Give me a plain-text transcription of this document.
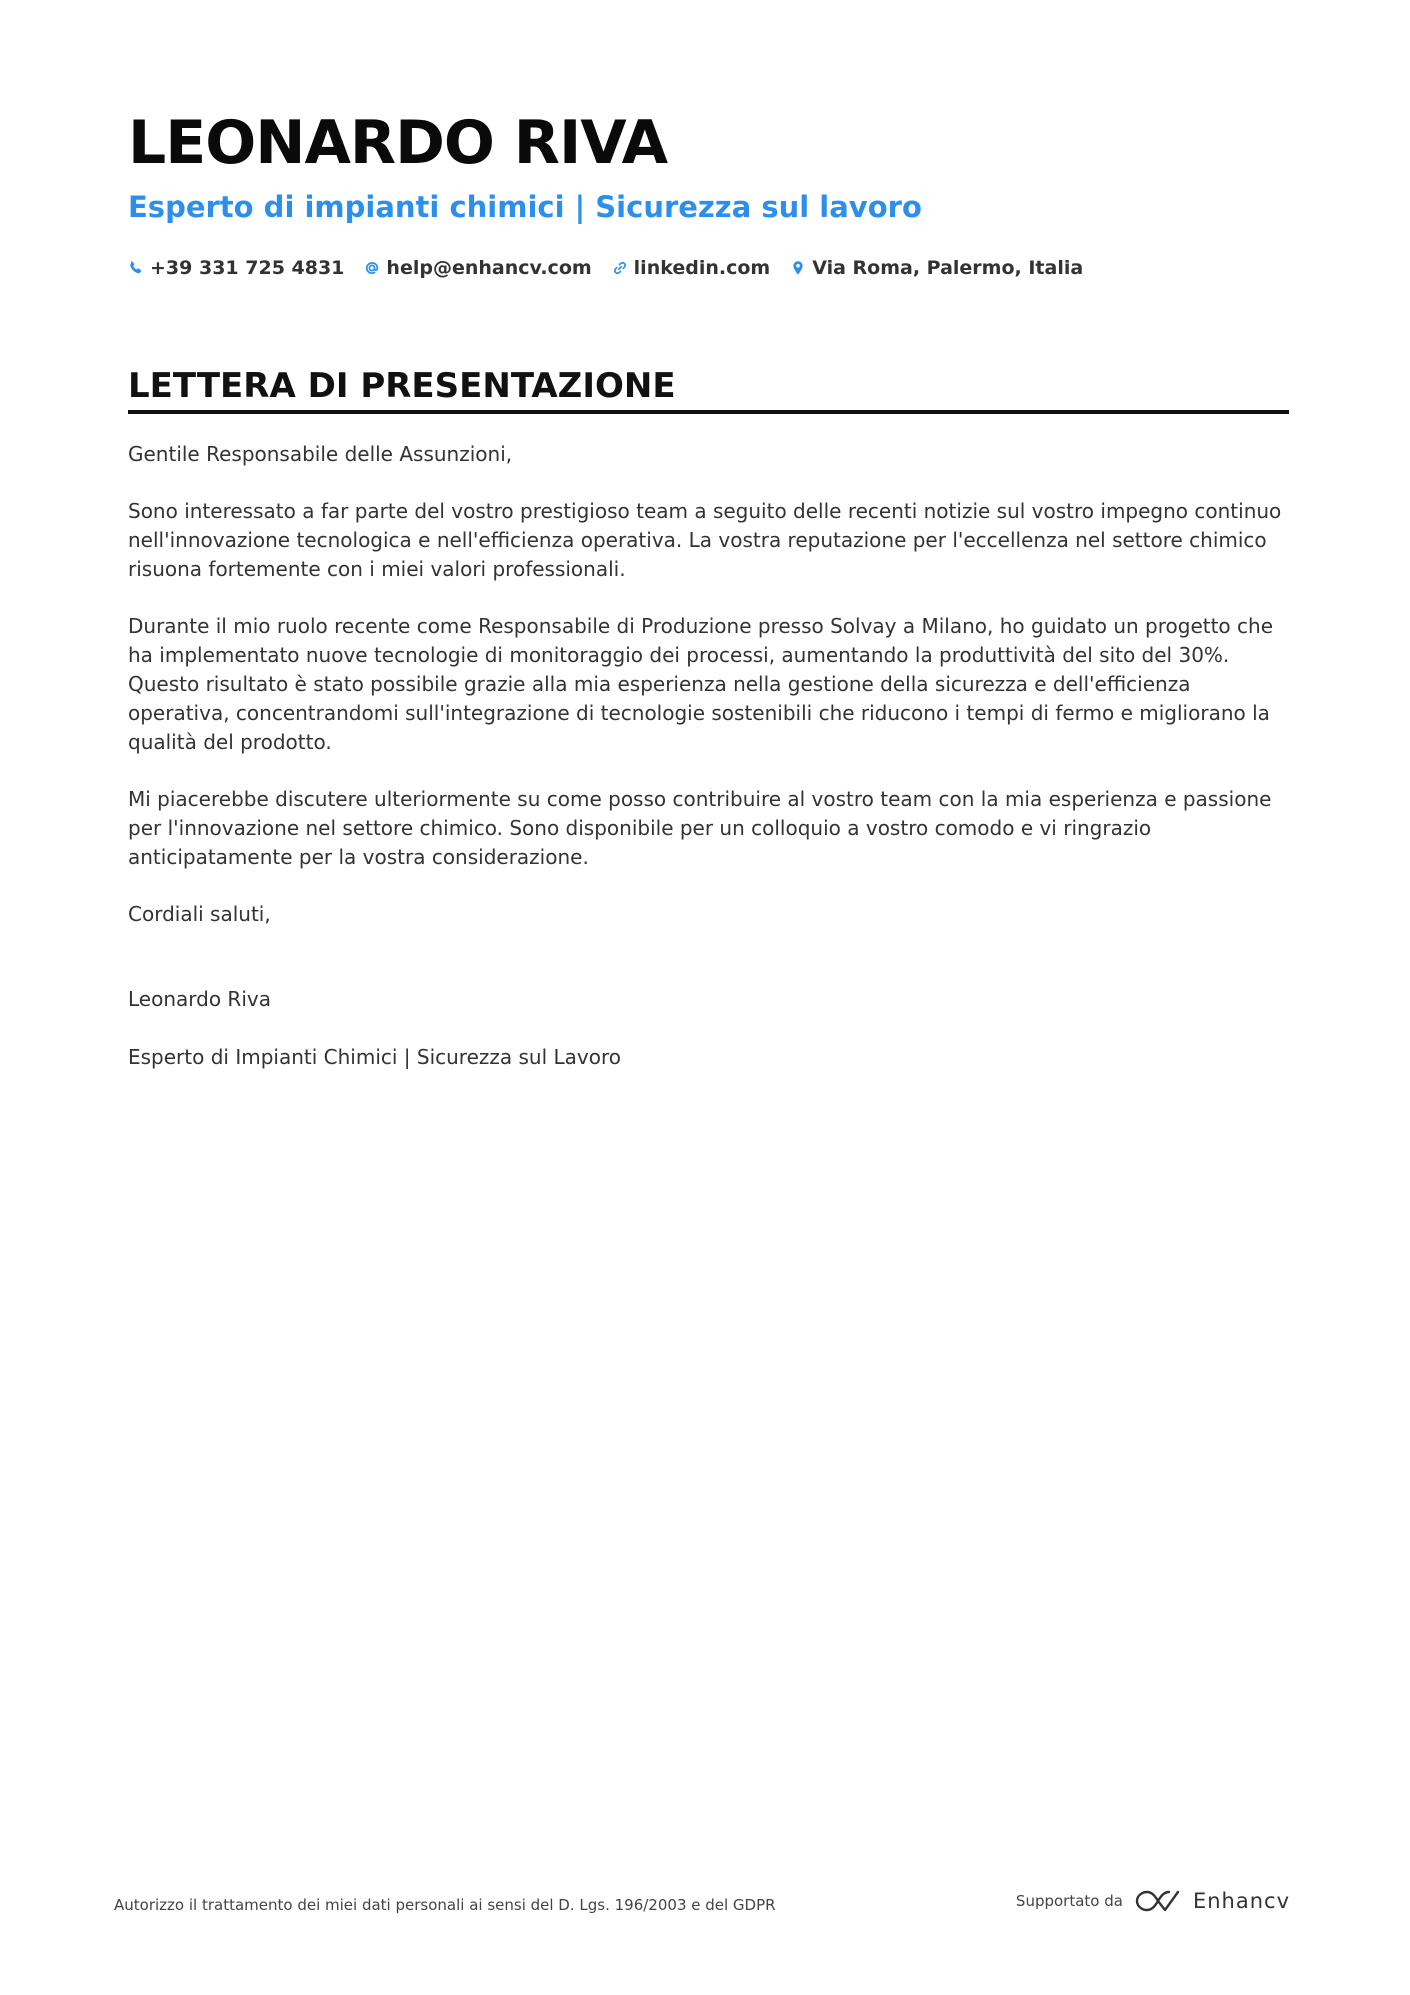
LEONARDO RIVA
Esperto di impianti chimici | Sicurezza sul lavoro
+39 331 725 4831 help@enhancv.com linkedin.com Via Roma, Palermo, Italia
LETTERA DI PRESENTAZIONE

Gentile Responsabile delle Assunzioni,

Sono interessato a far parte del vostro prestigioso team a seguito delle recenti notizie sul vostro impegno continuo nell'innovazione tecnologica e nell'efficienza operativa. La vostra reputazione per l'eccellenza nel settore chimico risuona fortemente con i miei valori professionali.

Durante il mio ruolo recente come Responsabile di Produzione presso Solvay a Milano, ho guidato un progetto che ha implementato nuove tecnologie di monitoraggio dei processi, aumentando la produttività del sito del 30%. Questo risultato è stato possibile grazie alla mia esperienza nella gestione della sicurezza e dell'efficienza operativa, concentrandomi sull'integrazione di tecnologie sostenibili che riducono i tempi di fermo e migliorano la qualità del prodotto.

Mi piacerebbe discutere ulteriormente su come posso contribuire al vostro team con la mia esperienza e passione per l'innovazione nel settore chimico. Sono disponibile per un colloquio a vostro comodo e vi ringrazio anticipatamente per la vostra considerazione.

Cordiali saluti,

Leonardo Riva

Esperto di Impianti Chimici | Sicurezza sul Lavoro

Autorizzo il trattamento dei miei dati personali ai sensi del D. Lgs. 196/2003 e del GDPR	Supportato da	Enhancv
